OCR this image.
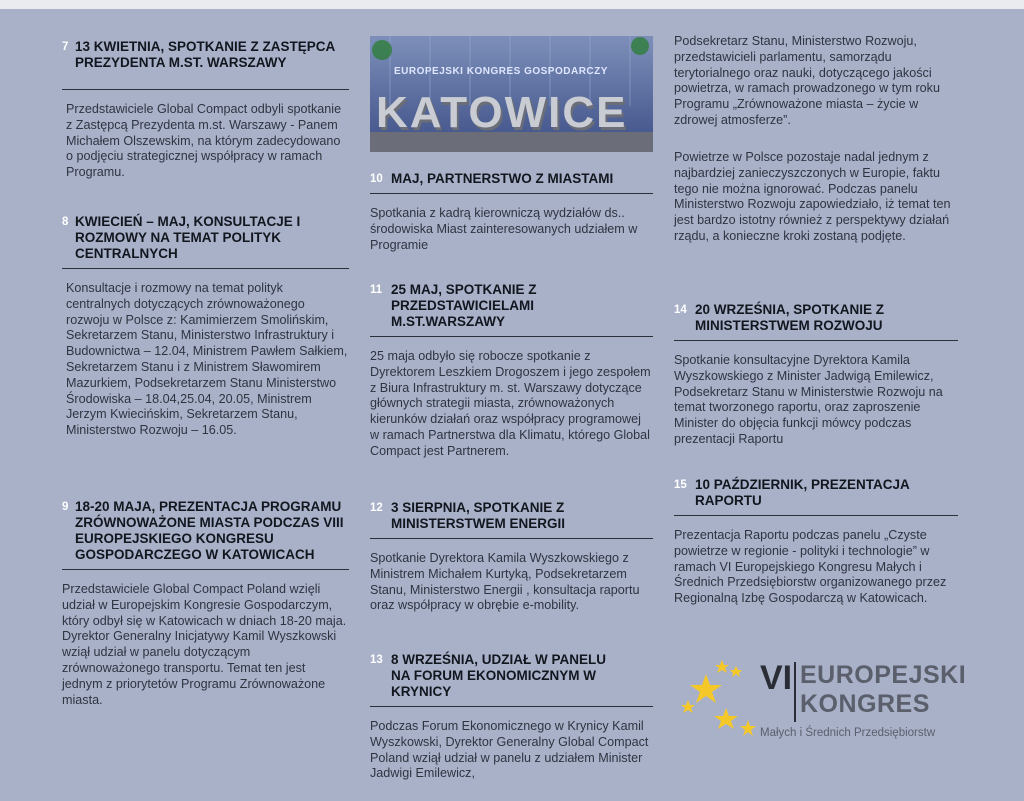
7 13 KWIETNIA, SPOTKANIE Z ZASTĘPCA PREZYDENTA M.ST. WARSZAWY
Przedstawiciele Global Compact odbyli spotkanie z Zastępcą Prezydenta m.st. Warszawy - Panem Michałem Olszewskim, na którym zadecydowano o podjęciu strategicznej współpracy w ramach Programu.
8 KWIECIEŃ – MAJ, KONSULTACJE I ROZMOWY NA TEMAT POLITYK CENTRALNYCH
Konsultacje i rozmowy na temat polityk centralnych dotyczących zrównoważonego rozwoju w Polsce z: Kamimierzem Smolińskim, Sekretarzem Stanu, Ministerstwo Infrastruktury i Budownictwa – 12.04, Ministrem Pawłem Sałkiem, Sekretarzem Stanu i z Ministrem Sławomirem Mazurkiem, Podsekretarzem Stanu Ministerstwo Środowiska – 18.04,25.04, 20.05, Ministrem Jerzym Kwiecińskim, Sekretarzem Stanu, Ministerstwo Rozwoju – 16.05.
9 18-20 MAJA, PREZENTACJA PROGRAMU ZRÓWNOWAŻONE MIASTA PODCZAS VIII EUROPEJSKIEGO KONGRESU GOSPODARCZEGO W KATOWICACH
Przedstawiciele Global Compact Poland wzięli udział w Europejskim Kongresie Gospodarczym, który odbył się w Katowicach w dniach 18-20 maja. Dyrektor Generalny Inicjatywy Kamil Wyszkowski wziął udział w panelu dotyczącym zrównoważonego transportu. Temat ten jest jednym z priorytetów Programu Zrównoważone miasta.
EUROPEJSKI KONGRES GOSPODARCZY
KATOWICE
10 MAJ, PARTNERSTWO Z MIASTAMI
Spotkania z kadrą kierowniczą wydziałów ds.. środowiska Miast zainteresowanych udziałem w Programie
11 25 MAJ, SPOTKANIE Z PRZEDSTAWICIELAMI M.ST.WARSZAWY
25 maja odbyło się robocze spotkanie z Dyrektorem Leszkiem Drogoszem i jego zespołem z Biura Infrastruktury m. st. Warszawy dotyczące głównych strategii miasta, zrównoważonych kierunków działań oraz współpracy programowej w ramach Partnerstwa dla Klimatu, którego Global Compact jest Partnerem.
12 3 SIERPNIA, SPOTKANIE Z MINISTERSTWEM ENERGII
Spotkanie Dyrektora Kamila Wyszkowskiego z Ministrem Michałem Kurtyką, Podsekretarzem Stanu, Ministerstwo Energii , konsultacja raportu oraz współpracy w obrębie e-mobility.
13 8 WRZEŚNIA, UDZIAŁ W PANELU NA FORUM EKONOMICZNYM W KRYNICY
Podczas Forum Ekonomicznego w Krynicy Kamil Wyszkowski, Dyrektor Generalny Global Compact Poland wziął udział w panelu z udziałem Minister Jadwigi Emilewicz,
Podsekretarz Stanu, Ministerstwo Rozwoju, przedstawicieli parlamentu, samorządu terytorialnego oraz nauki, dotyczącego jakości powietrza, w ramach prowadzonego w tym roku Programu „Zrównoważone miasta – życie w zdrowej atmosferze”.
Powietrze w Polsce pozostaje nadal jednym z najbardziej zanieczyszczonych w Europie, faktu tego nie można ignorować. Podczas panelu Ministerstwo Rozwoju zapowiedziało, iż temat ten jest bardzo istotny również z perspektywy działań rządu, a konieczne kroki zostaną podjęte.
14 20 WRZEŚNIA, SPOTKANIE Z MINISTERSTWEM ROZWOJU
Spotkanie konsultacyjne Dyrektora Kamila Wyszkowskiego z Minister Jadwigą Emilewicz, Podsekretarz Stanu w Ministerstwie Rozwoju na temat tworzonego raportu, oraz zaproszenie Minister do objęcia funkcji mówcy podczas prezentacji Raportu
15 10 PAŹDZIERNIK, PREZENTACJA RAPORTU
Prezentacja Raportu podczas panelu „Czyste powietrze w regionie - polityki i technologie” w ramach VI Europejskiego Kongresu Małych i Średnich Przedsiębiorstw organizowanego przez Regionalną Izbę Gospodarczą w Katowicach.
VI EUROPEJSKI
KONGRES
Małych i Średnich Przedsiębiorstw
